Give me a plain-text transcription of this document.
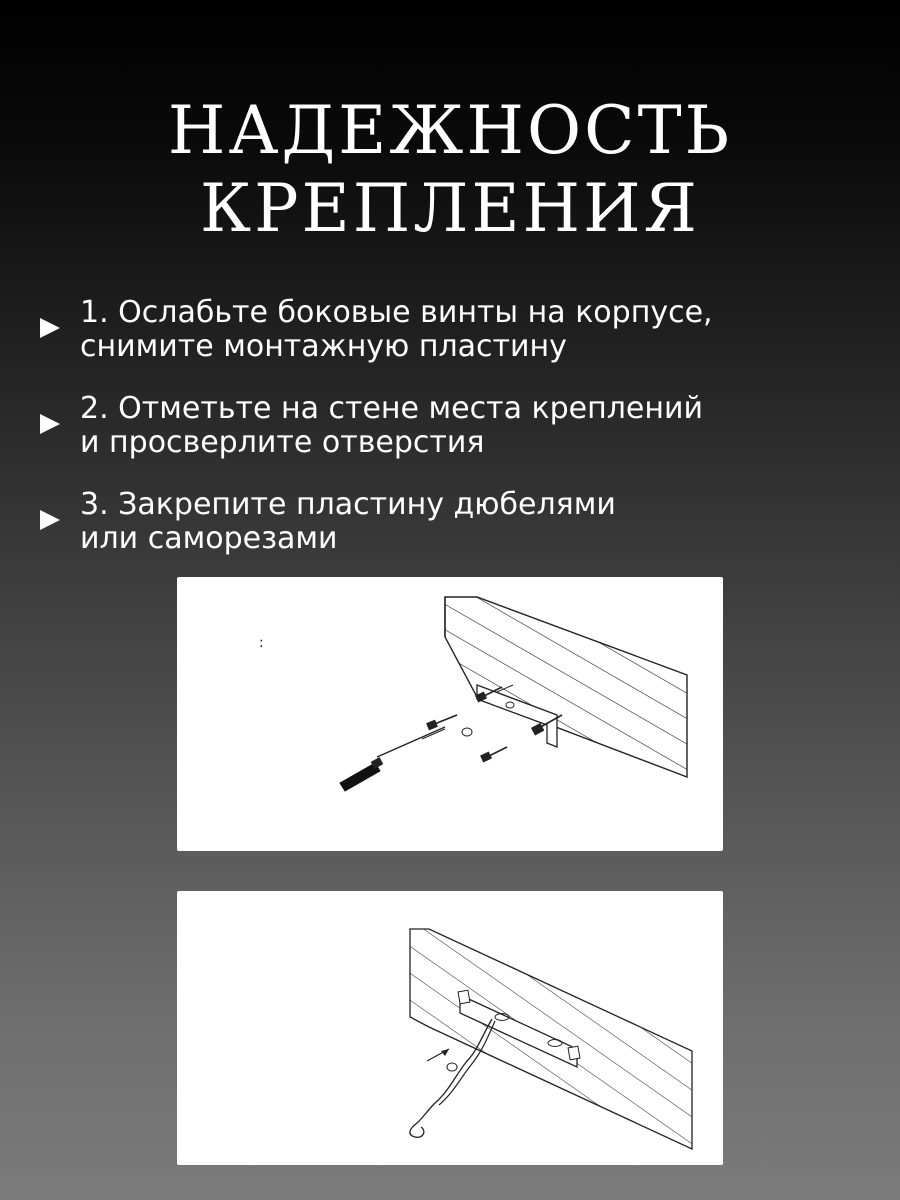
НАДЕЖНОСТЬ
КРЕПЛЕНИЯ
1. Ослабьте боковые винты на корпусе,
снимите монтажную пластину
2. Отметьте на стене места креплений
и просверлите отверстия
3. Закрепите пластину дюбелями
или саморезами
:
